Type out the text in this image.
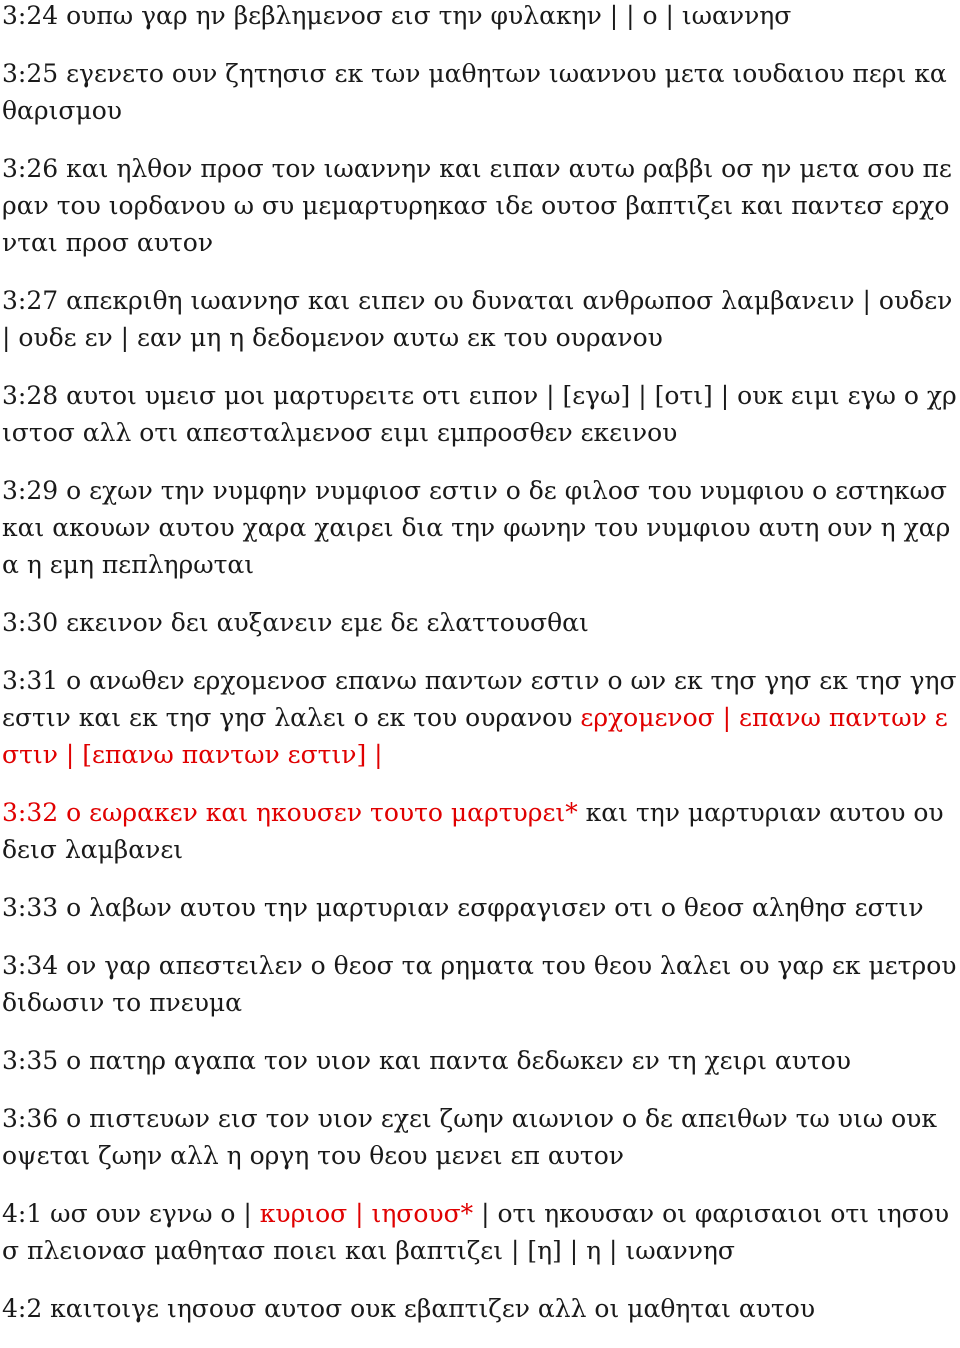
3:24 ουπω γαρ ην βεβλημενοσ εισ την φυλακην | | ο | ιωαννησ
3:25 εγενετο ουν ζητησισ εκ των μαθητων ιωαννου μετα ιουδαιου περι καθαρισμου
3:26 και ηλθον προσ τον ιωαννην και ειπαν αυτω ραββι οσ ην μετα σου περαν του ιορδανου ω συ μεμαρτυρηκασ ιδε ουτοσ βαπτιζει και παντεσ ερχονται προσ αυτον
3:27 απεκριθη ιωαννησ και ειπεν ου δυναται ανθρωποσ λαμβανειν | ουδεν | ουδε εν | εαν μη η δεδομενον αυτω εκ του ουρανου
3:28 αυτοι υμεισ μοι μαρτυρειτε οτι ειπον | [εγω] | [οτι] | ουκ ειμι εγω ο χριστοσ αλλ οτι απεσταλμενοσ ειμι εμπροσθεν εκεινου
3:29 ο εχων την νυμφην νυμφιοσ εστιν ο δε φιλοσ του νυμφιου ο εστηκωσ και ακουων αυτου χαρα χαιρει δια την φωνην του νυμφιου αυτη ουν η χαρα η εμη πεπληρωται
3:30 εκεινον δει αυξανειν εμε δε ελαττουσθαι
3:31 ο ανωθεν ερχομενοσ επανω παντων εστιν ο ων εκ τησ γησ εκ τησ γησ εστιν και εκ τησ γησ λαλει ο εκ του ουρανου ερχομενοσ | επανω παντων εστιν | [επανω παντων εστιν] |
3:32 ο εωρακεν και ηκουσεν τουτο μαρτυρει* και την μαρτυριαν αυτου ουδεισ λαμβανει
3:33 ο λαβων αυτου την μαρτυριαν εσφραγισεν οτι ο θεοσ αληθησ εστιν
3:34 ον γαρ απεστειλεν ο θεοσ τα ρηματα του θεου λαλει ου γαρ εκ μετρου διδωσιν το πνευμα
3:35 ο πατηρ αγαπα τον υιον και παντα δεδωκεν εν τη χειρι αυτου
3:36 ο πιστευων εισ τον υιον εχει ζωην αιωνιον ο δε απειθων τω υιω ουκ οψεται ζωην αλλ η οργη του θεου μενει επ αυτον
4:1 ωσ ουν εγνω ο | κυριοσ | ιησουσ* | οτι ηκουσαν οι φαρισαιοι οτι ιησουσ πλειονασ μαθητασ ποιει και βαπτιζει | [η] | η | ιωαννησ
4:2 καιτοιγε ιησουσ αυτοσ ουκ εβαπτιζεν αλλ οι μαθηται αυτου
